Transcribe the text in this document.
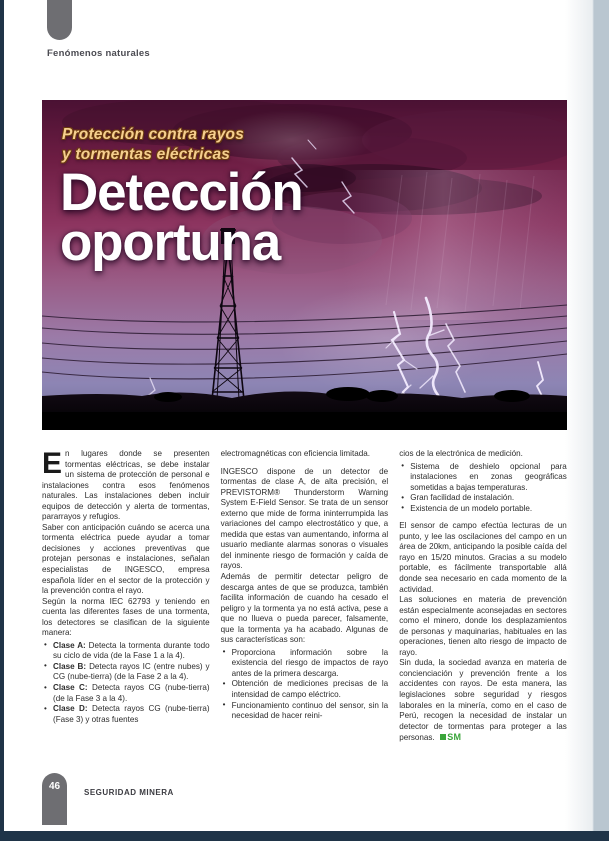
Fenómenos naturales
Protección contra rayos
y tormentas eléctricas
Detección
oportuna

En lugares donde se presenten tormentas eléctricas, se debe instalar un sistema de protección de personal e instalaciones contra esos fenómenos naturales. Las instalaciones deben incluir equipos de detección y alerta de tormentas, pararrayos y refugios.

Saber con anticipación cuándo se acerca una tormenta eléctrica puede ayudar a tomar decisiones y acciones preventivas que protejan personas e instalaciones, señalan especialistas de INGESCO, empresa española líder en el sector de la protección y la prevención contra el rayo.

Según la norma IEC 62793 y teniendo en cuenta las diferentes fases de una tormenta, los detectores se clasifican de la siguiente manera:

• Clase A: Detecta la tormenta durante todo su ciclo de vida (de la Fase 1 a la 4).
• Clase B: Detecta rayos IC (entre nubes) y CG (nube-tierra) (de la Fase 2 a la 4).
• Clase C: Detecta rayos CG (nube-tierra) (de la Fase 3 a la 4).
• Clase D: Detecta rayos CG (nube-tierra) (Fase 3) y otras fuentes

electromagnéticas con eficiencia limitada.

INGESCO dispone de un detector de tormentas de clase A, de alta precisión, el PREVISTORM® Thunderstorm Warning System E-Field Sensor. Se trata de un sensor externo que mide de forma ininterrumpida las variaciones del campo electrostático y que, a medida que estas van aumentando, informa al usuario mediante alarmas sonoras o visuales del inminente riesgo de formación y caída de rayos.

Además de permitir detectar peligro de descarga antes de que se produzca, también facilita información de cuando ha cesado el peligro y la tormenta ya no está activa, pese a que no llueva o pueda parecer, falsamente, que la tormenta ya ha acabado. Algunas de sus características son:

• Proporciona información sobre la existencia del riesgo de impactos de rayo antes de la primera descarga.
• Obtención de mediciones precisas de la intensidad de campo eléctrico.
• Funcionamiento continuo del sensor, sin la necesidad de hacer reini-

cios de la electrónica de medición.

• Sistema de deshielo opcional para instalaciones en zonas geográficas sometidas a bajas temperaturas.
• Gran facilidad de instalación.
• Existencia de un modelo portable.

El sensor de campo efectúa lecturas de un punto, y lee las oscilaciones del campo en un área de 20km, anticipando la posible caída del rayo en 15/20 minutos. Gracias a su modelo portable, es fácilmente transportable allá donde sea necesario en cada momento de la actividad.

Las soluciones en materia de prevención están especialmente aconsejadas en sectores como el minero, donde los desplazamientos de personas y maquinarias, habituales en las operaciones, tienen alto riesgo de impacto de rayo.

Sin duda, la sociedad avanza en materia de concienciación y prevención frente a los accidentes con rayos. De esta manera, las legislaciones sobre seguridad y riesgos laborales en la minería, como en el caso de Perú, recogen la necesidad de instalar un detector de tormentas para proteger a las personas. SM

46
SEGURIDAD MINERA
